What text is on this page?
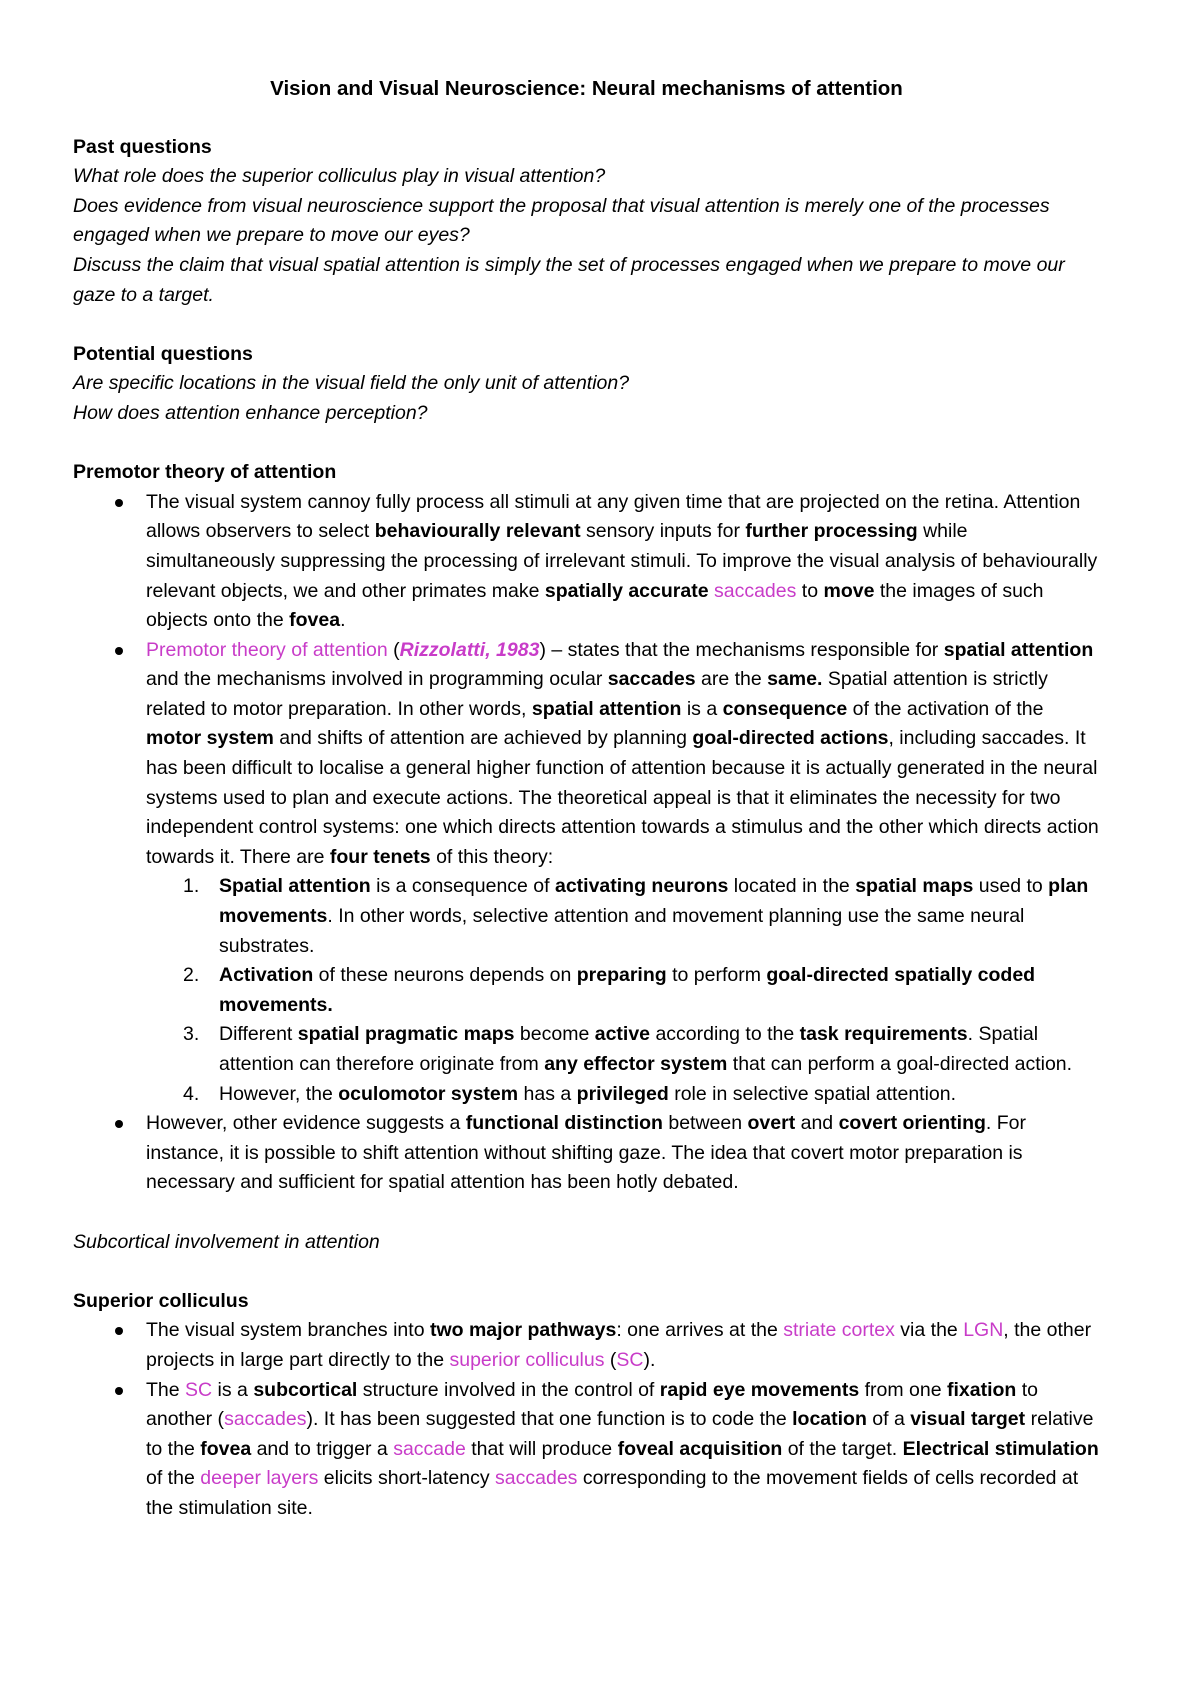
Vision and Visual Neuroscience: Neural mechanisms of attention

Past questions

What role does the superior colliculus play in visual attention?

Does evidence from visual neuroscience support the proposal that visual attention is merely one of the processes engaged when we prepare to move our eyes?

Discuss the claim that visual spatial attention is simply the set of processes engaged when we prepare to move our gaze to a target.

Potential questions

Are specific locations in the visual field the only unit of attention?

How does attention enhance perception?

Premotor theory of attention

The visual system cannoy fully process all stimuli at any given time that are projected on the retina. Attention allows observers to select behaviourally relevant sensory inputs for further processing while simultaneously suppressing the processing of irrelevant stimuli. To improve the visual analysis of behaviourally relevant objects, we and other primates make spatially accurate saccades to move the images of such objects onto the fovea.
Premotor theory of attention (Rizzolatti, 1983) – states that the mechanisms responsible for spatial attention and the mechanisms involved in programming ocular saccades are the same. Spatial attention is strictly related to motor preparation. In other words, spatial attention is a consequence of the activation of the motor system and shifts of attention are achieved by planning goal-directed actions, including saccades. It has been difficult to localise a general higher function of attention because it is actually generated in the neural systems used to plan and execute actions. The theoretical appeal is that it eliminates the necessity for two independent control systems: one which directs attention towards a stimulus and the other which directs action towards it. There are four tenets of this theory:
1. Spatial attention is a consequence of activating neurons located in the spatial maps used to plan movements. In other words, selective attention and movement planning use the same neural substrates.
2. Activation of these neurons depends on preparing to perform goal-directed spatially coded movements.
3. Different spatial pragmatic maps become active according to the task requirements. Spatial attention can therefore originate from any effector system that can perform a goal-directed action.
4. However, the oculomotor system has a privileged role in selective spatial attention.
However, other evidence suggests a functional distinction between overt and covert orienting. For instance, it is possible to shift attention without shifting gaze. The idea that covert motor preparation is necessary and sufficient for spatial attention has been hotly debated.

Subcortical involvement in attention

Superior colliculus

The visual system branches into two major pathways: one arrives at the striate cortex via the LGN, the other projects in large part directly to the superior colliculus (SC).
The SC is a subcortical structure involved in the control of rapid eye movements from one fixation to another (saccades). It has been suggested that one function is to code the location of a visual target relative to the fovea and to trigger a saccade that will produce foveal acquisition of the target. Electrical stimulation of the deeper layers elicits short-latency saccades corresponding to the movement fields of cells recorded at the stimulation site.
